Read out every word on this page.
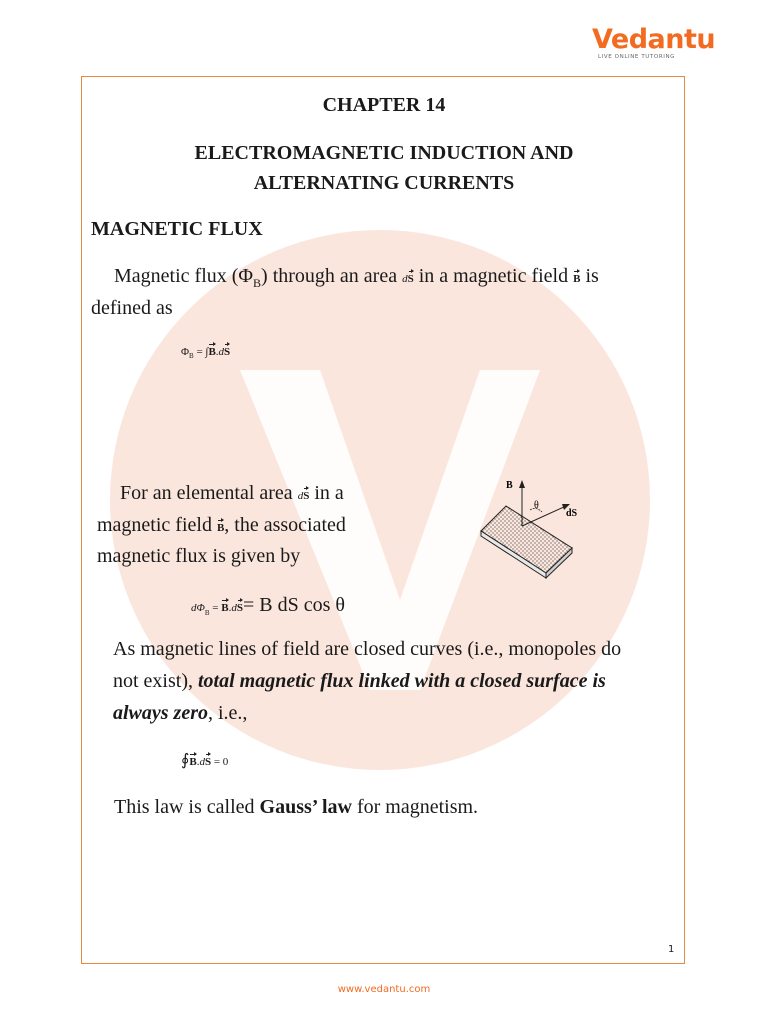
Vedantu
LIVE ONLINE TUTORING
CHAPTER 14
ELECTROMAGNETIC INDUCTION AND
ALTERNATING CURRENTS
MAGNETIC FLUX
Magnetic flux $(\Phi_B)$ through an area dS in a magnetic field B is
defined as
$\Phi_B = \int B.dS$
For an elemental area dS in a
magnetic field B, the associated
magnetic flux is given by
B
θ
dS
$d\Phi_B = B.dS= B$ dS cos θ
As magnetic lines of field are closed curves (i.e., monopoles do
not exist), total magnetic flux linked with a closed surface is
always zero, i.e.,
∮B.dS = 0
This law is called Gauss’ law for magnetism.
1
www.vedantu.com
